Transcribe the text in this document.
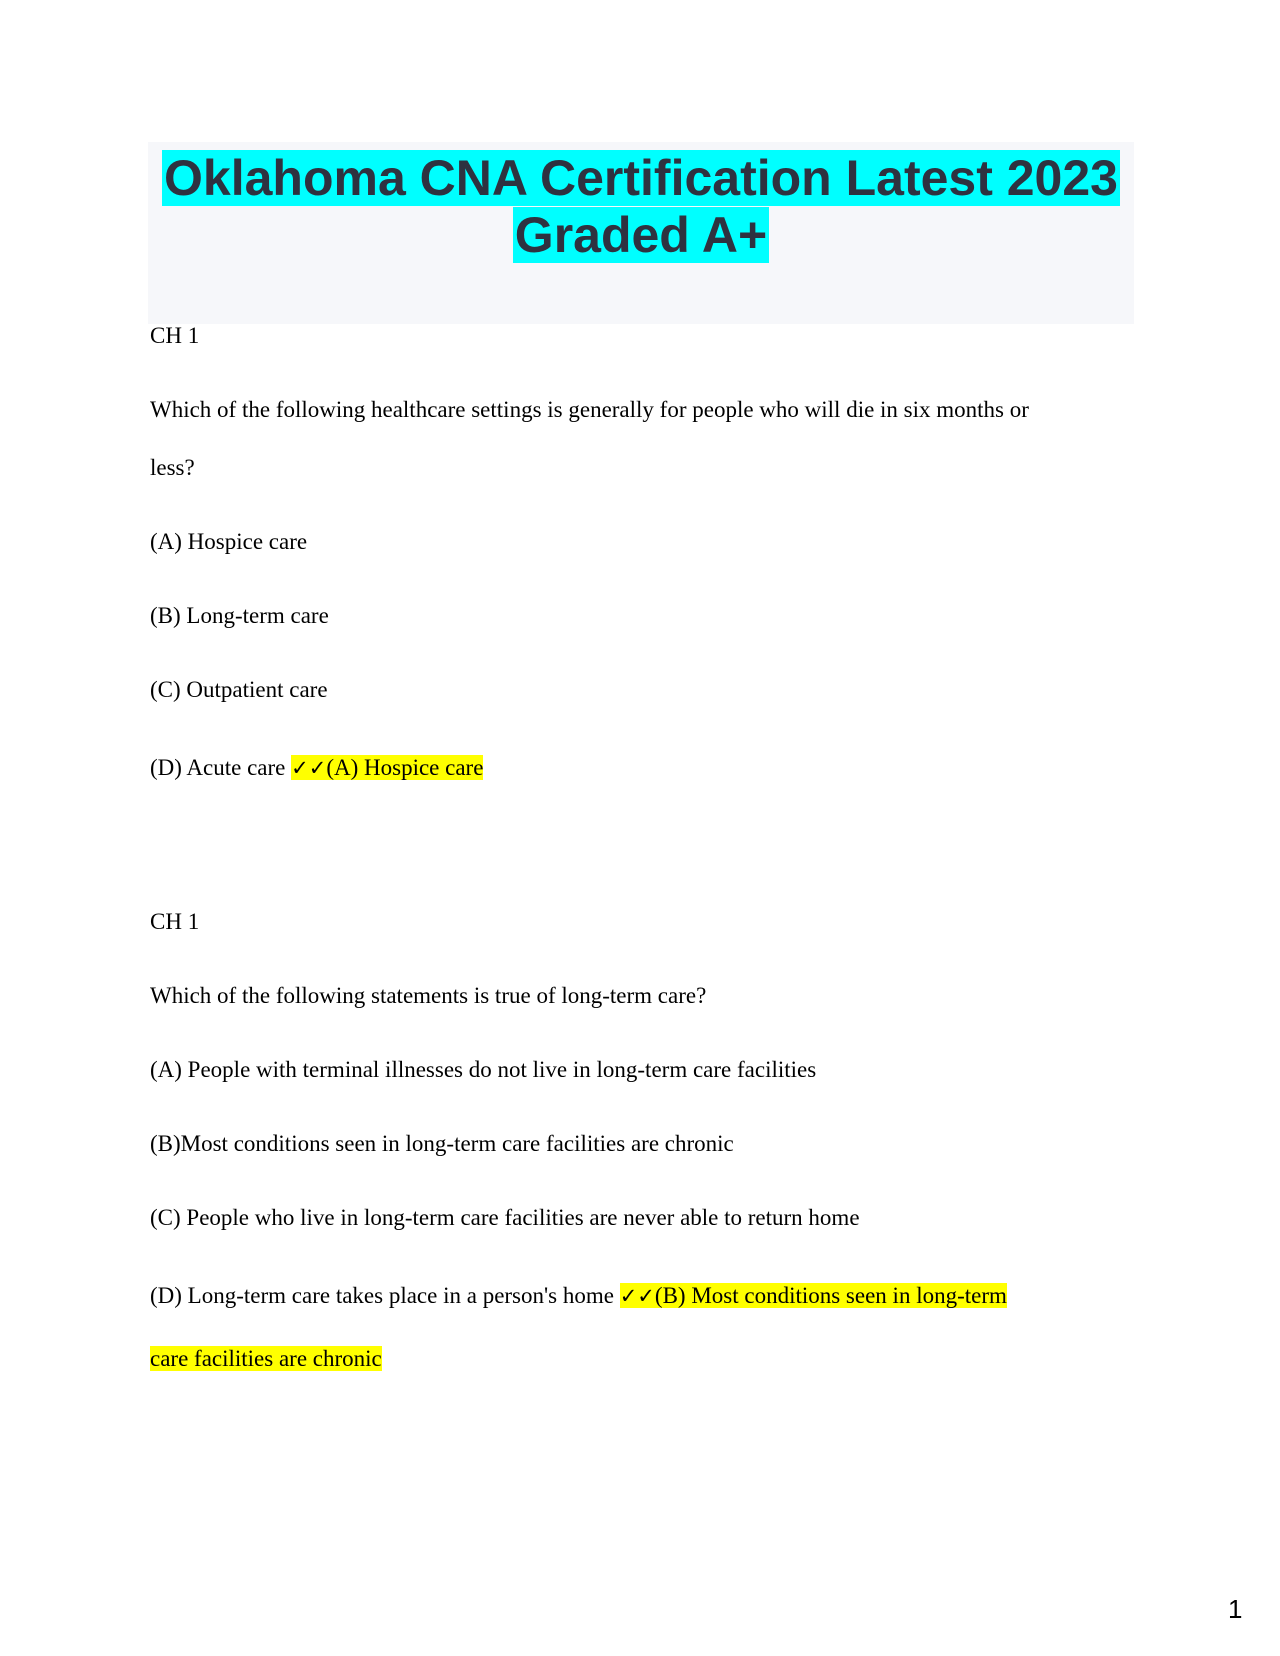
Oklahoma CNA Certification Latest 2023
Graded A+
CH 1
Which of the following healthcare settings is generally for people who will die in six months or
less?
(A) Hospice care
(B) Long-term care
(C) Outpatient care
(D) Acute care ✓✓(A) Hospice care
CH 1
Which of the following statements is true of long-term care?
(A) People with terminal illnesses do not live in long-term care facilities
(B)Most conditions seen in long-term care facilities are chronic
(C) People who live in long-term care facilities are never able to return home
(D) Long-term care takes place in a person's home ✓✓(B) Most conditions seen in long-term
care facilities are chronic
1
